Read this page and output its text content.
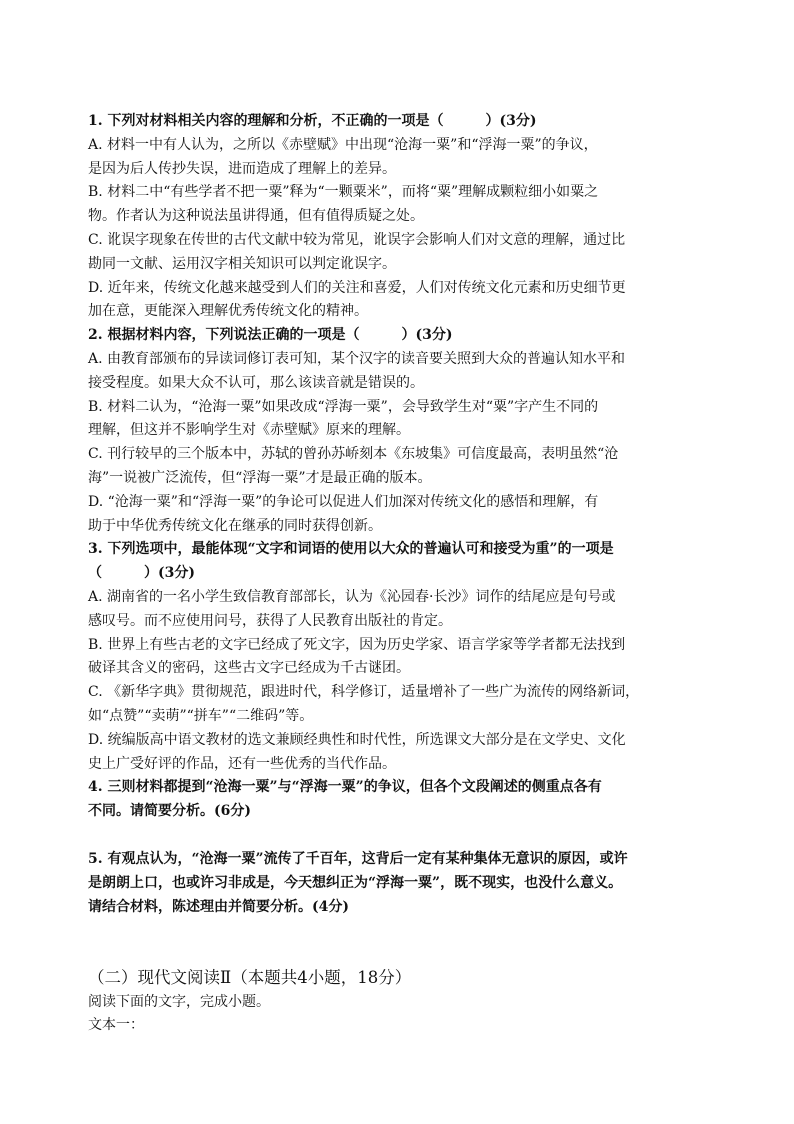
1. 下列对材料相关内容的理解和分析，不正确的一项是（　　　）(3分)
A. 材料一中有人认为，之所以《赤壁赋》中出现“沧海一粟”和“浮海一粟”的争议，
是因为后人传抄失误，进而造成了理解上的差异。
B. 材料二中“有些学者不把一粟”释为“一颗粟米”，而将“粟”理解成颗粒细小如粟之
物。作者认为这种说法虽讲得通，但有值得质疑之处。
C. 讹误字现象在传世的古代文献中较为常见，讹误字会影响人们对文意的理解，通过比
勘同一文献、运用汉字相关知识可以判定讹误字。
D. 近年来，传统文化越来越受到人们的关注和喜爱，人们对传统文化元素和历史细节更
加在意，更能深入理解优秀传统文化的精神。
2. 根据材料内容，下列说法正确的一项是（　　　）(3分)
A. 由教育部颁布的异读词修订表可知，某个汉字的读音要关照到大众的普遍认知水平和
接受程度。如果大众不认可，那么该读音就是错误的。
B. 材料二认为，“沧海一粟”如果改成“浮海一粟”，会导致学生对“粟”字产生不同的
理解，但这并不影响学生对《赤壁赋》原来的理解。
C. 刊行较早的三个版本中，苏轼的曾孙苏峤刻本《东坡集》可信度最高，表明虽然“沧
海”一说被广泛流传，但“浮海一粟”才是最正确的版本。
D. “沧海一粟”和“浮海一粟”的争论可以促进人们加深对传统文化的感悟和理解，有
助于中华优秀传统文化在继承的同时获得创新。
3. 下列选项中，最能体现“文字和词语的使用以大众的普遍认可和接受为重”的一项是
（　　　）(3分)
A. 湖南省的一名小学生致信教育部部长，认为《沁园春·长沙》词作的结尾应是句号或
感叹号。而不应使用问号，获得了人民教育出版社的肯定。
B. 世界上有些古老的文字已经成了死文字，因为历史学家、语言学家等学者都无法找到
破译其含义的密码，这些古文字已经成为千古谜团。
C. 《新华字典》贯彻规范，跟进时代，科学修订，适量增补了一些广为流传的网络新词，
如“点赞”“卖萌”“拼车”“二维码”等。
D. 统编版高中语文教材的选文兼顾经典性和时代性，所选课文大部分是在文学史、文化
史上广受好评的作品，还有一些优秀的当代作品。
4. 三则材料都提到“沧海一粟”与“浮海一粟”的争议，但各个文段阐述的侧重点各有
不同。请简要分析。(6分)
5. 有观点认为，“沧海一粟”流传了千百年，这背后一定有某种集体无意识的原因，或许
是朗朗上口，也或许习非成是，今天想纠正为“浮海一粟”，既不现实，也没什么意义。
请结合材料，陈述理由并简要分析。(4分)
（二）现代文阅读Ⅱ（本题共4小题，18分）
阅读下面的文字，完成小题。
文本一：
